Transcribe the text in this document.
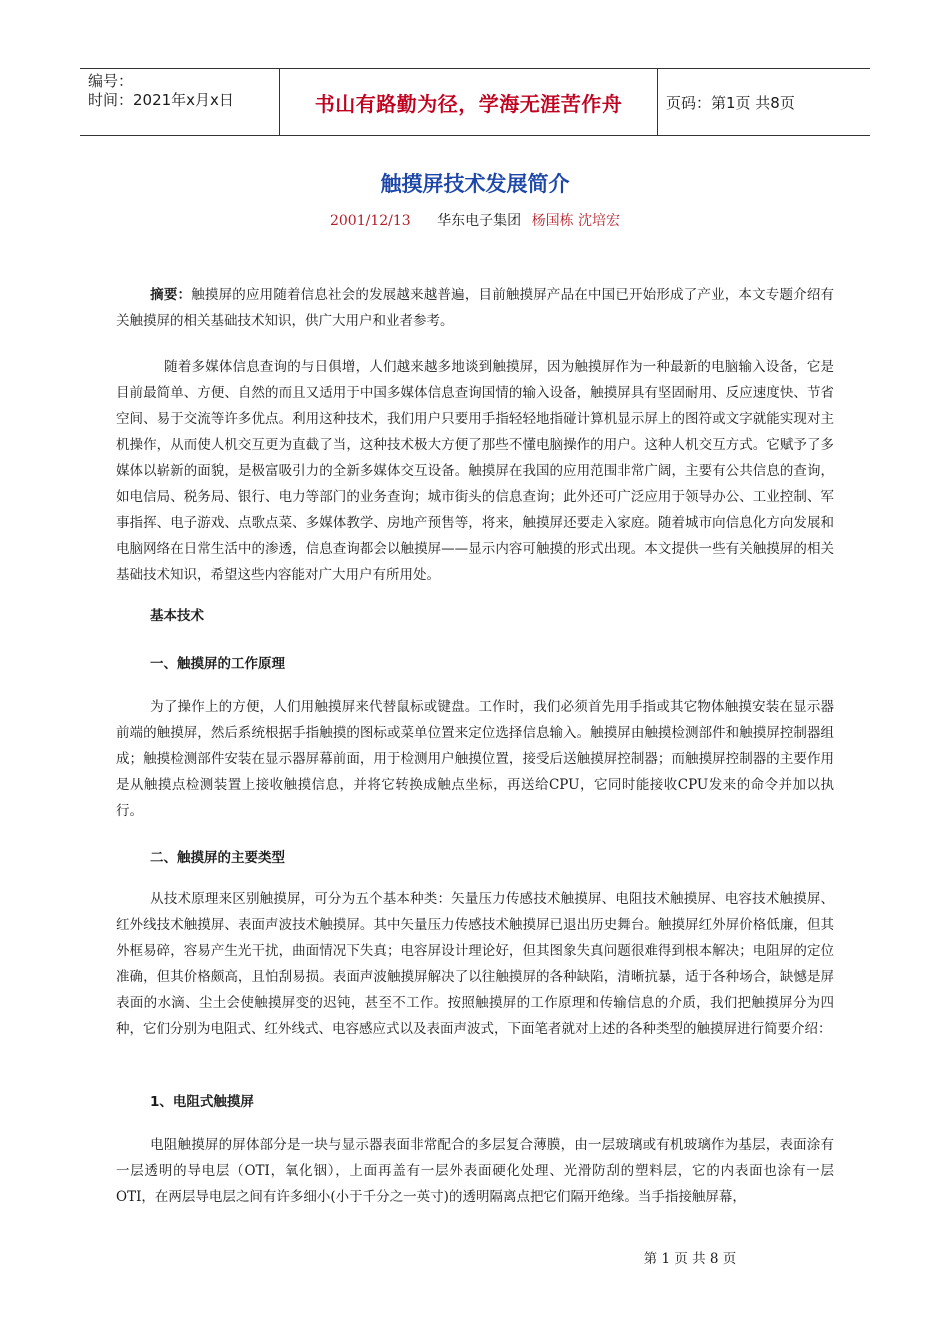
编号：
时间：2021年x月x日	书山有路勤为径，学海无涯苦作舟	页码：第1页 共8页
触摸屏技术发展简介
2001/12/13 华东电子集团 杨国栋 沈培宏

摘要：触摸屏的应用随着信息社会的发展越来越普遍，目前触摸屏产品在中国已开始形成了产业，本文专题介绍有关触摸屏的相关基础技术知识，供广大用户和业者参考。

随着多媒体信息查询的与日俱增，人们越来越多地谈到触摸屏，因为触摸屏作为一种最新的电脑输入设备，它是目前最简单、方便、自然的而且又适用于中国多媒体信息查询国情的输入设备，触摸屏具有坚固耐用、反应速度快、节省空间、易于交流等许多优点。利用这种技术，我们用户只要用手指轻轻地指碰计算机显示屏上的图符或文字就能实现对主机操作，从而使人机交互更为直截了当，这种技术极大方便了那些不懂电脑操作的用户。这种人机交互方式。它赋予了多媒体以崭新的面貌，是极富吸引力的全新多媒体交互设备。触摸屏在我国的应用范围非常广阔，主要有公共信息的查询，如电信局、税务局、银行、电力等部门的业务查询；城市街头的信息查询；此外还可广泛应用于领导办公、工业控制、军事指挥、电子游戏、点歌点菜、多媒体教学、房地产预售等，将来，触摸屏还要走入家庭。随着城市向信息化方向发展和电脑网络在日常生活中的渗透，信息查询都会以触摸屏——显示内容可触摸的形式出现。本文提供一些有关触摸屏的相关基础技术知识，希望这些内容能对广大用户有所用处。

基本技术
一、触摸屏的工作原理

为了操作上的方便，人们用触摸屏来代替鼠标或键盘。工作时，我们必须首先用手指或其它物体触摸安装在显示器前端的触摸屏，然后系统根据手指触摸的图标或菜单位置来定位选择信息输入。触摸屏由触摸检测部件和触摸屏控制器组成；触摸检测部件安装在显示器屏幕前面，用于检测用户触摸位置，接受后送触摸屏控制器；而触摸屏控制器的主要作用是从触摸点检测装置上接收触摸信息，并将它转换成触点坐标，再送给CPU，它同时能接收CPU发来的命令并加以执行。

二、触摸屏的主要类型

从技术原理来区别触摸屏，可分为五个基本种类：矢量压力传感技术触摸屏、电阻技术触摸屏、电容技术触摸屏、红外线技术触摸屏、表面声波技术触摸屏。其中矢量压力传感技术触摸屏已退出历史舞台。触摸屏红外屏价格低廉，但其外框易碎，容易产生光干扰，曲面情况下失真；电容屏设计理论好，但其图象失真问题很难得到根本解决；电阻屏的定位准确，但其价格颇高，且怕刮易损。表面声波触摸屏解决了以往触摸屏的各种缺陷，清晰抗暴，适于各种场合，缺憾是屏表面的水滴、尘土会使触摸屏变的迟钝，甚至不工作。按照触摸屏的工作原理和传输信息的介质，我们把触摸屏分为四种，它们分别为电阻式、红外线式、电容感应式以及表面声波式，下面笔者就对上述的各种类型的触摸屏进行简要介绍：

1、电阻式触摸屏

电阻触摸屏的屏体部分是一块与显示器表面非常配合的多层复合薄膜，由一层玻璃或有机玻璃作为基层，表面涂有一层透明的导电层（OTI，氧化铟），上面再盖有一层外表面硬化处理、光滑防刮的塑料层，它的内表面也涂有一层OTI，在两层导电层之间有许多细小(小于千分之一英寸)的透明隔离点把它们隔开绝缘。当手指接触屏幕，

第 1 页 共 8 页
